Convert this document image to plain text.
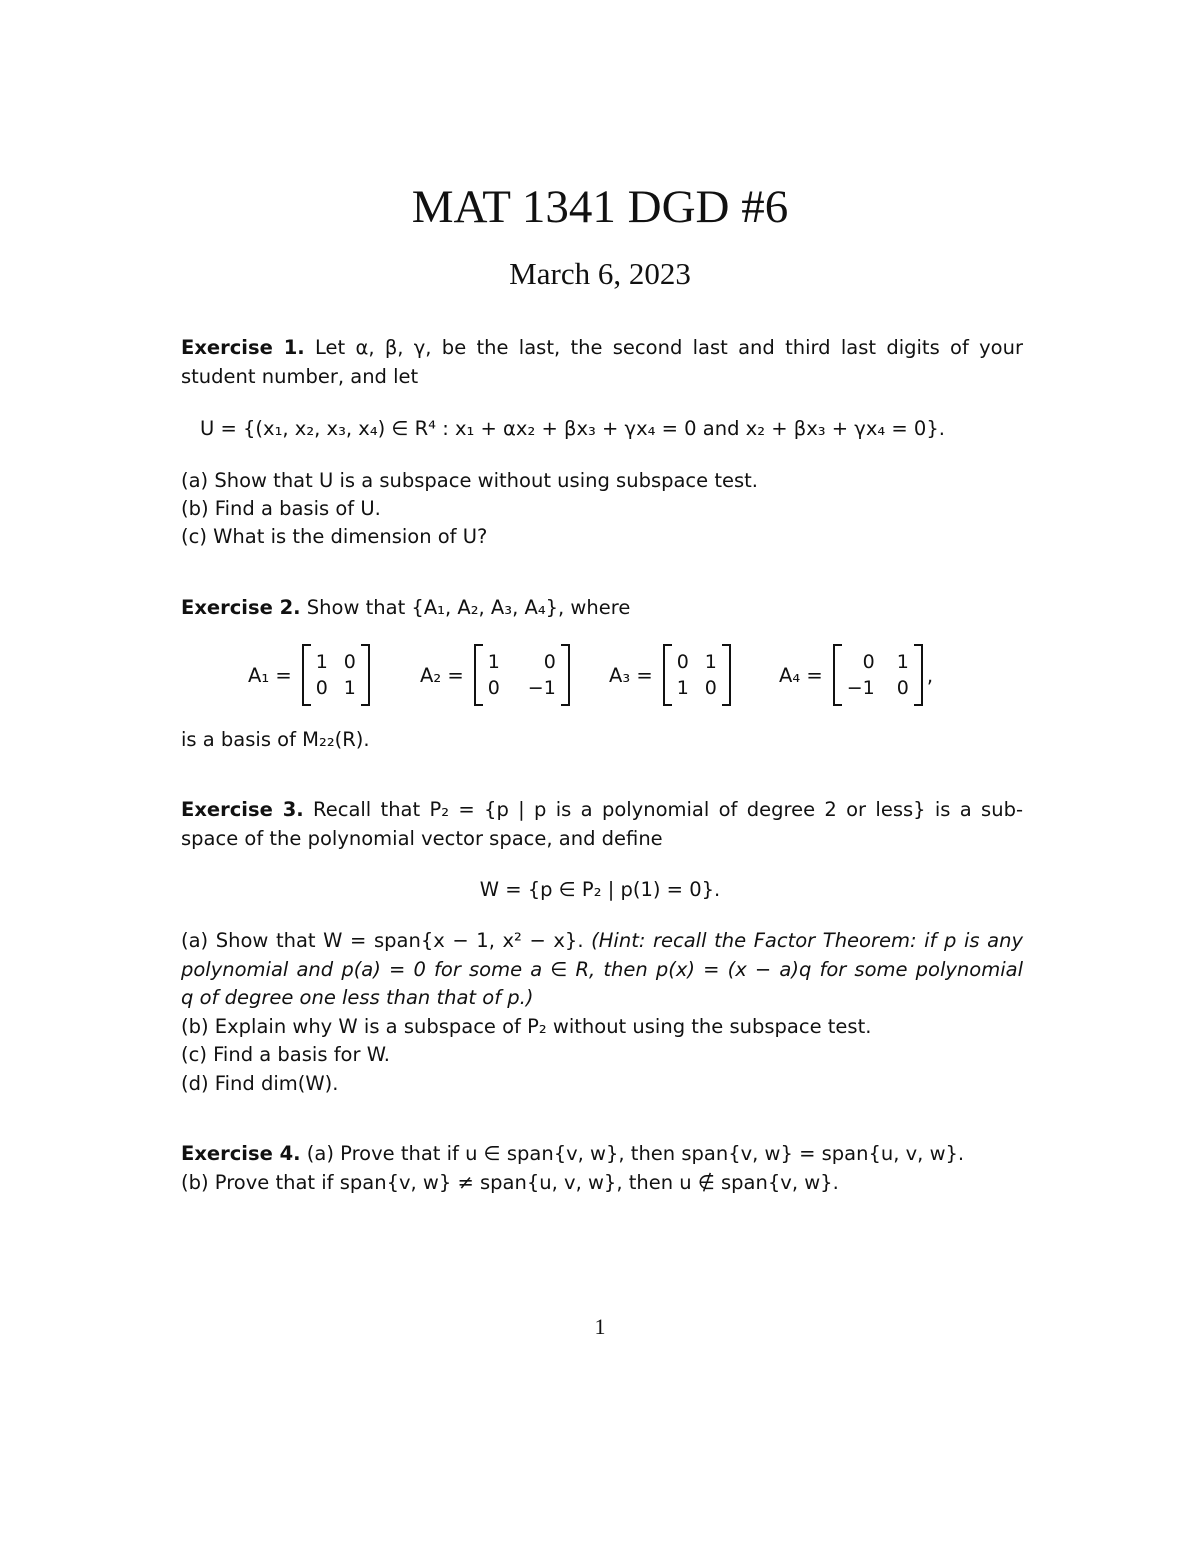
MAT 1341 DGD #6
March 6, 2023
Exercise 1. Let α, β, γ, be the last, the second last and third last digits of your
student number, and let
U = {(x₁, x₂, x₃, x₄) ∈ R⁴ : x₁ + αx₂ + βx₃ + γx₄ = 0 and x₂ + βx₃ + γx₄ = 0}.
(a) Show that U is a subspace without using subspace test.
(b) Find a basis of U.
(c) What is the dimension of U?
Exercise 2. Show that {A₁, A₂, A₃, A₄}, where
A₁ =
1 0
0 1
A₂ =
1	0
0 −1
A₃ =
0 1
1 0
A₄ =
0 1
−1 0
,
is a basis of M₂₂(R).
Exercise 3. Recall that P₂ = {p | p is a polynomial of degree 2 or less} is a sub-
space of the polynomial vector space, and define
W = {p ∈ P₂ | p(1) = 0}.
(a) Show that W = span{x − 1, x² − x}. (Hint: recall the Factor Theorem: if p is any
polynomial and p(a) = 0 for some a ∈ R, then p(x) = (x − a)q for some polynomial
q of degree one less than that of p.)
(b) Explain why W is a subspace of P₂ without using the subspace test.
(c) Find a basis for W.
(d) Find dim(W).
Exercise 4. (a) Prove that if u ∈ span{v, w}, then span{v, w} = span{u, v, w}.
(b) Prove that if span{v, w} ≠ span{u, v, w}, then u ∉ span{v, w}.
1
